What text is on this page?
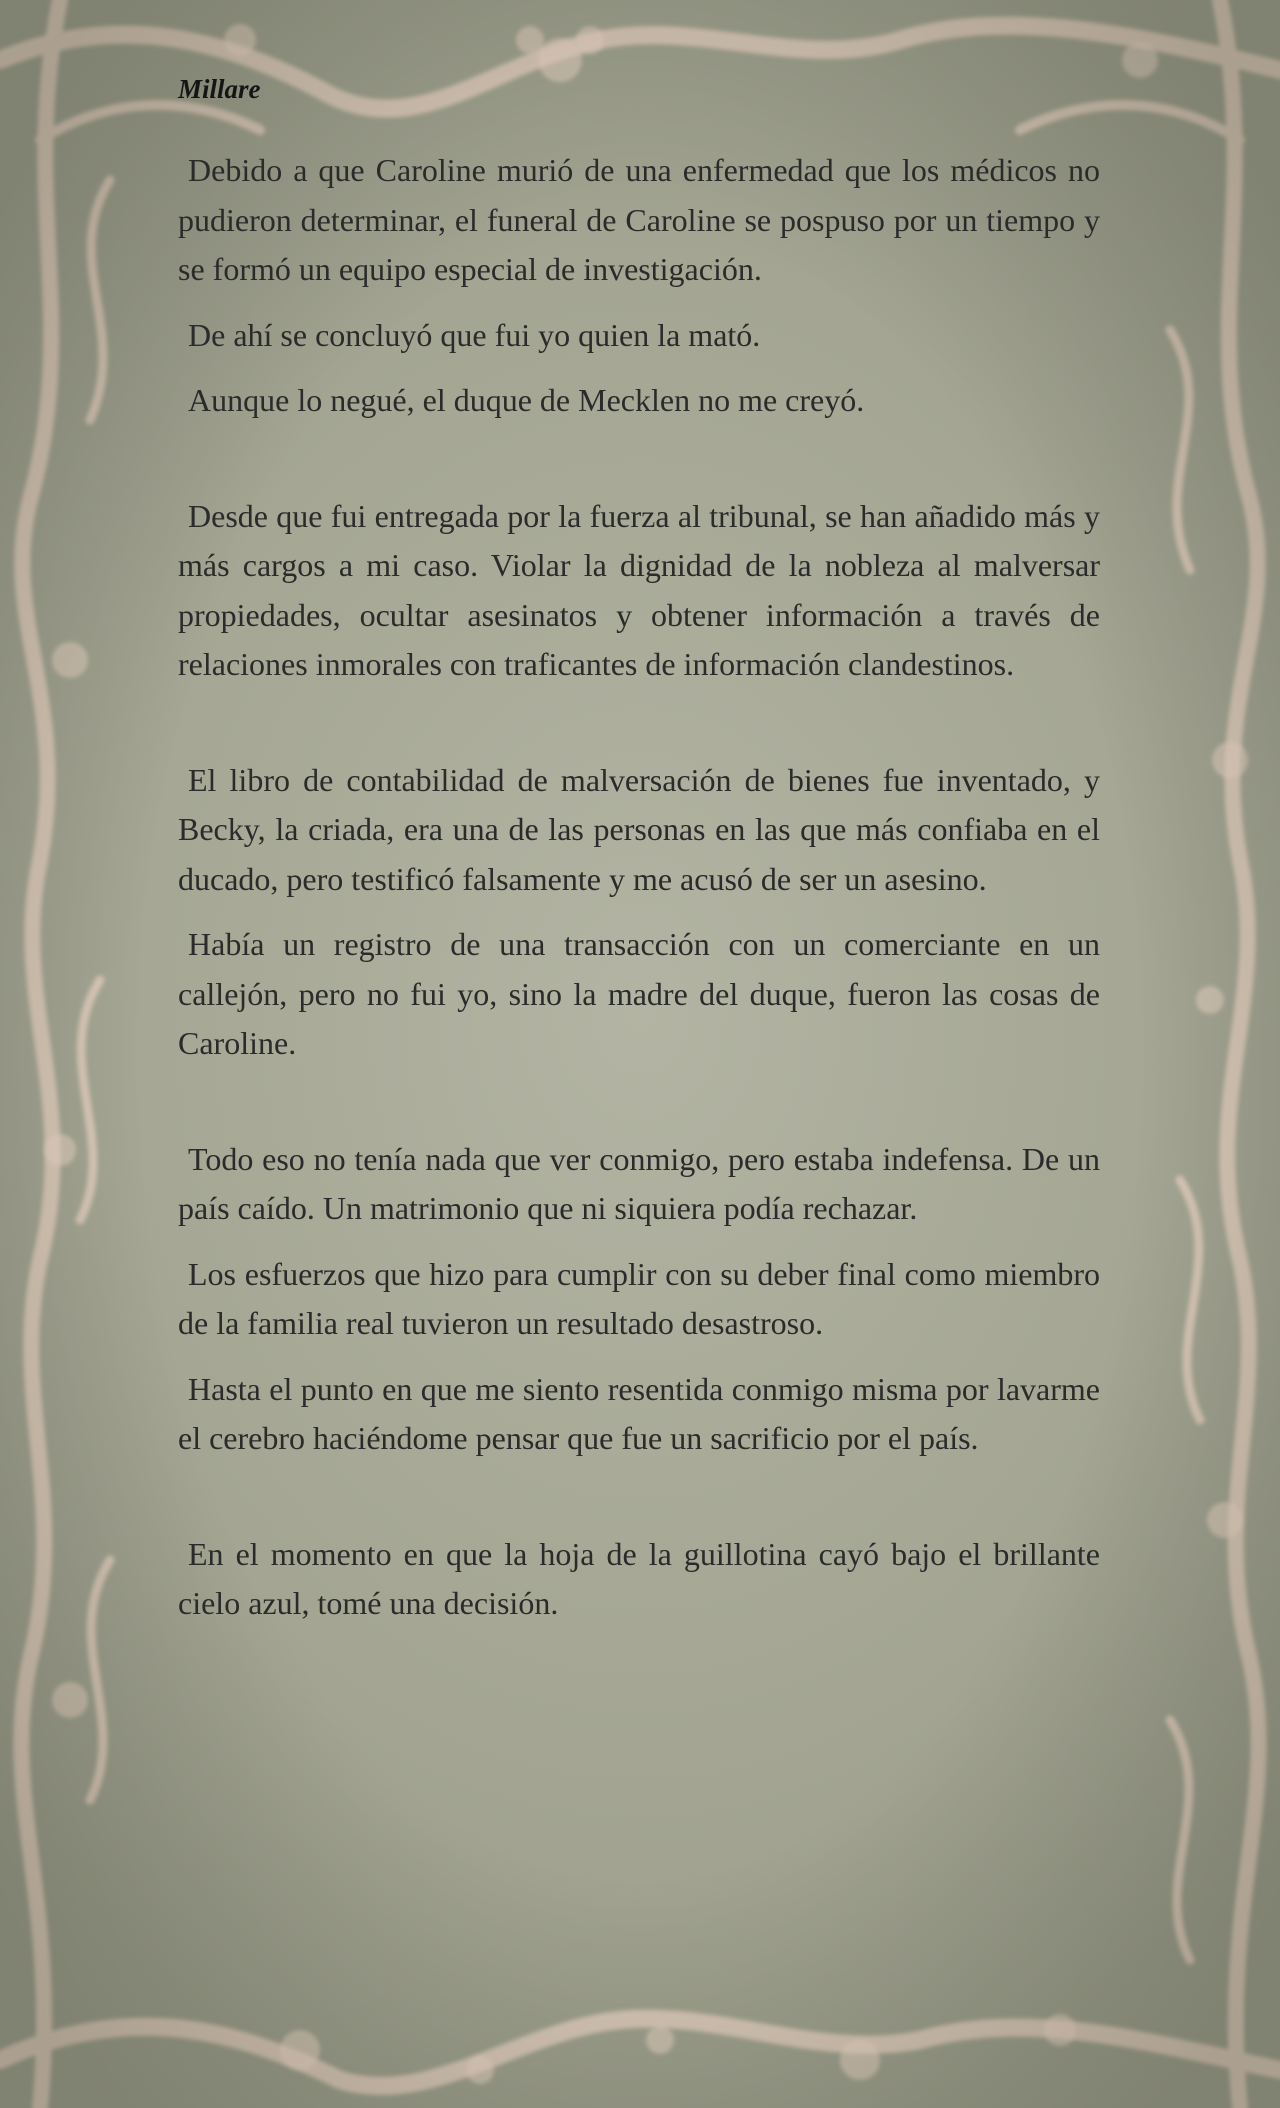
Millare

Debido a que Caroline murió de una enfermedad que los médicos no pudieron determinar, el funeral de Caroline se pospuso por un tiempo y se formó un equipo especial de investigación.

De ahí se concluyó que fui yo quien la mató.

Aunque lo negué, el duque de Mecklen no me creyó.

Desde que fui entregada por la fuerza al tribunal, se han añadido más y más cargos a mi caso. Violar la dignidad de la nobleza al malversar propiedades, ocultar asesinatos y obtener información a través de relaciones inmorales con traficantes de información clandestinos.

El libro de contabilidad de malversación de bienes fue inventado, y Becky, la criada, era una de las personas en las que más confiaba en el ducado, pero testificó falsamente y me acusó de ser un asesino.

Había un registro de una transacción con un comerciante en un callejón, pero no fui yo, sino la madre del duque, fueron las cosas de Caroline.

Todo eso no tenía nada que ver conmigo, pero estaba indefensa. De un país caído. Un matrimonio que ni siquiera podía rechazar.

Los esfuerzos que hizo para cumplir con su deber final como miembro de la familia real tuvieron un resultado desastroso.

Hasta el punto en que me siento resentida conmigo misma por lavarme el cerebro haciéndome pensar que fue un sacrificio por el país.

En el momento en que la hoja de la guillotina cayó bajo el brillante cielo azul, tomé una decisión.
